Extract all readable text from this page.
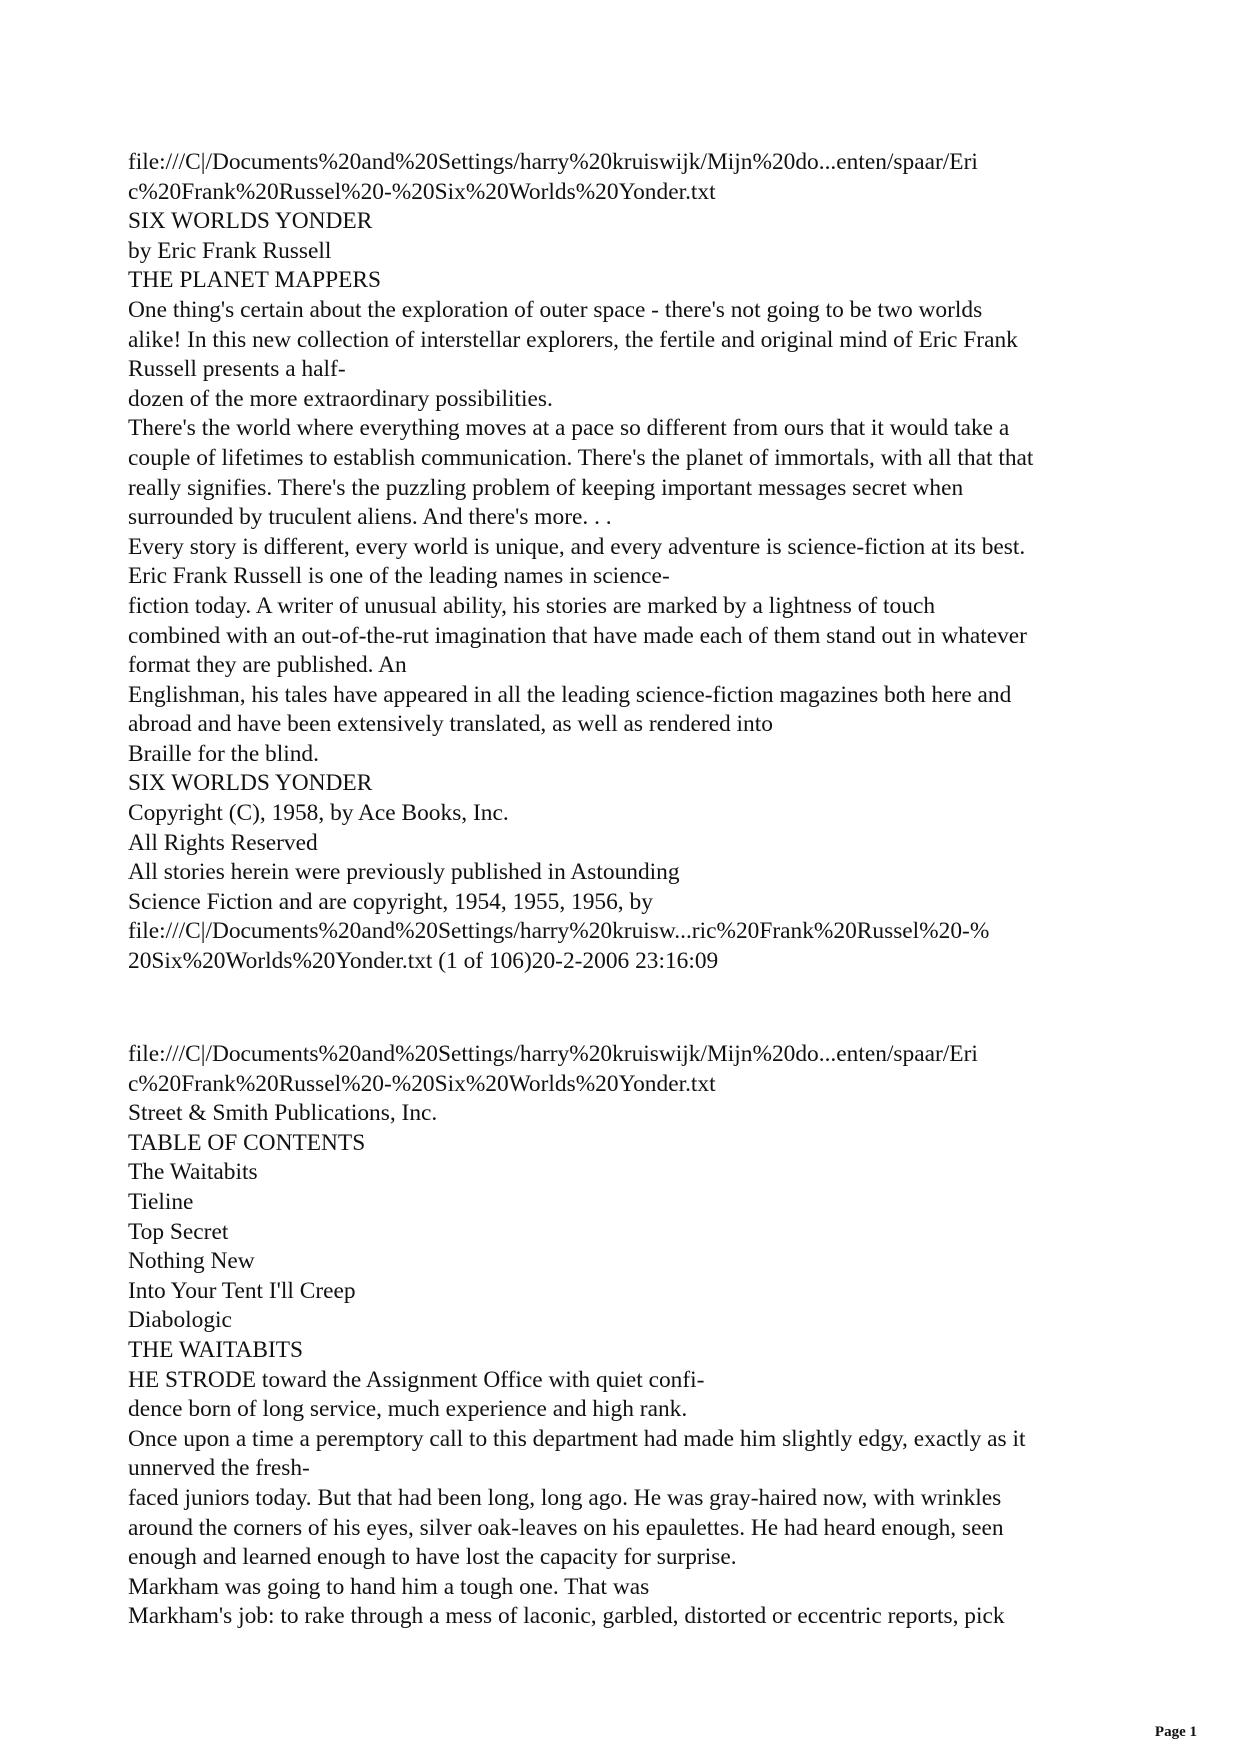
file:///C|/Documents%20and%20Settings/harry%20kruiswijk/Mijn%20do...enten/spaar/Eri
c%20Frank%20Russel%20-%20Six%20Worlds%20Yonder.txt
SIX WORLDS YONDER
by Eric Frank Russell
THE PLANET MAPPERS
One thing's certain about the exploration of outer space - there's not going to be two worlds
alike! In this new collection of interstellar explorers, the fertile and original mind of Eric Frank
Russell presents a half-
dozen of the more extraordinary possibilities.
There's the world where everything moves at a pace so different from ours that it would take a
couple of lifetimes to establish communication. There's the planet of immortals, with all that that
really signifies. There's the puzzling problem of keeping important messages secret when
surrounded by truculent aliens. And there's more. . .
Every story is different, every world is unique, and every adventure is science-fiction at its best.
Eric Frank Russell is one of the leading names in science-
fiction today. A writer of unusual ability, his stories are marked by a lightness of touch
combined with an out-of-the-rut imagination that have made each of them stand out in whatever
format they are published. An
Englishman, his tales have appeared in all the leading science-fiction magazines both here and
abroad and have been extensively translated, as well as rendered into
Braille for the blind.
SIX WORLDS YONDER
Copyright (C), 1958, by Ace Books, Inc.
All Rights Reserved
All stories herein were previously published in Astounding
Science Fiction and are copyright, 1954, 1955, 1956, by
file:///C|/Documents%20and%20Settings/harry%20kruisw...ric%20Frank%20Russel%20-%
20Six%20Worlds%20Yonder.txt (1 of 106)20-2-2006 23:16:09
file:///C|/Documents%20and%20Settings/harry%20kruiswijk/Mijn%20do...enten/spaar/Eri
c%20Frank%20Russel%20-%20Six%20Worlds%20Yonder.txt
Street & Smith Publications, Inc.
TABLE OF CONTENTS
The Waitabits
Tieline
Top Secret
Nothing New
Into Your Tent I'll Creep
Diabologic
THE WAITABITS
HE STRODE toward the Assignment Office with quiet confi-
dence born of long service, much experience and high rank.
Once upon a time a peremptory call to this department had made him slightly edgy, exactly as it
unnerved the fresh-
faced juniors today. But that had been long, long ago. He was gray-haired now, with wrinkles
around the corners of his eyes, silver oak-leaves on his epaulettes. He had heard enough, seen
enough and learned enough to have lost the capacity for surprise.
Markham was going to hand him a tough one. That was
Markham's job: to rake through a mess of laconic, garbled, distorted or eccentric reports, pick
Page 1
